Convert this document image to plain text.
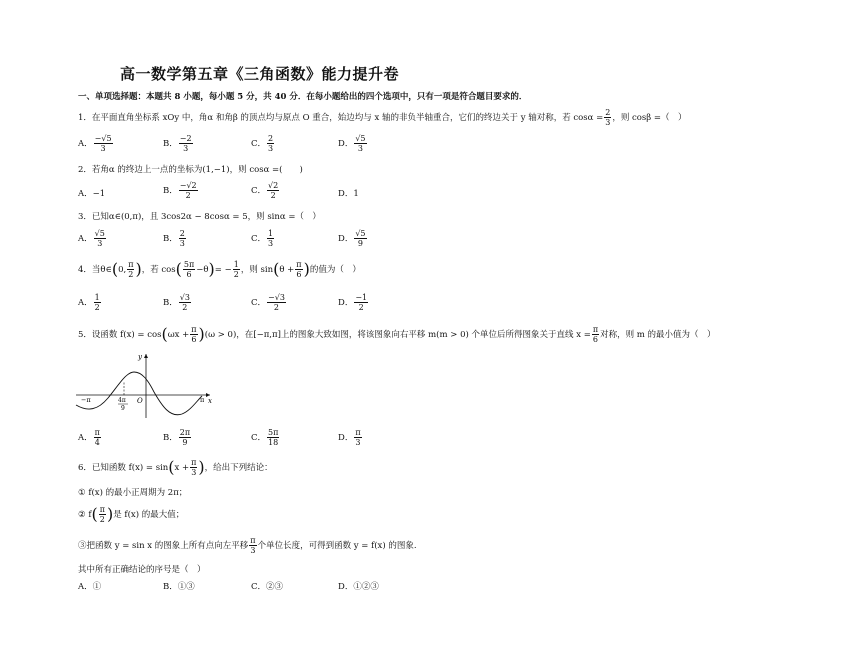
高一数学第五章《三角函数》能力提升卷
一、单项选择题：本题共 8 小题，每小题 5 分，共 40 分．在每小题给出的四个选项中，只有一项是符合题目要求的．
1．在平面直角坐标系 xOy 中，角α 和角β 的顶点均与原点 O 重合，始边均与 x 轴的非负半轴重合，它们的终边关于 y 轴对称，若 $\cos\alpha = \frac{2}{3}$ ，则 cosβ =（　）
A． $\frac{-√5}{3}$	B． $\frac{-2}{3}$	C． $\frac{2}{3}$	D． $\frac{√5}{3}$
2．若角α 的终边上一点的坐标为(1,−1)，则 cosα =(　　)
A．−1	B． $\frac{-√2}{2}$	C． $\frac{√2}{2}$	D．1
3．已知α∈(0,π)，且 3cos2α − 8cosα = 5，则 sinα =（　）
A． $\frac{√5}{3}$	B． $\frac{2}{3}$	C． $\frac{1}{3}$	D． $\frac{√5}{9}$
4．当θ∈(0, $\frac{\pi}{2}$ )，若 $\cos( \frac{5\pi}{6} -\theta)= - \frac{1}{2}$ ，则 $\sin(\theta + \frac{\pi}{6}$ )的值为（　）
A． $\frac{1}{2}$	B． $\frac{√3}{2}$	C． $\frac{-√3}{2}$	D． $\frac{-1}{2}$
5．设函数 $f(x) = \cos(\omega x + \frac{\pi}{6} )(\omega > 0)$，在[−π,π]上的图象大致如图，将该图象向右平移 m(m > 0) 个单位后所得图象关于直线 $x = \frac{\pi}{6}$ 对称，则 m 的最小值为（　）
y
x
O
−π	π
4π
9
A． $\frac{\pi}{4}$	B． $\frac{2\pi}{9}$	C． $\frac{5\pi}{18}$	D． $\frac{\pi}{3}$
6．已知函数 $f(x) = \sin(x + \frac{\pi}{3}$ )，给出下列结论：
① f(x) 的最小正周期为 2π；
② $f( \frac{\pi}{2}$ )是 f(x) 的最大值；
③把函数 y = sin x 的图象上所有点向左平移 $\frac{\pi}{3}$ 个单位长度，可得到函数 y = f(x) 的图象.
其中所有正确结论的序号是（　）
A．①	B．①③	C．②③	D．①②③
